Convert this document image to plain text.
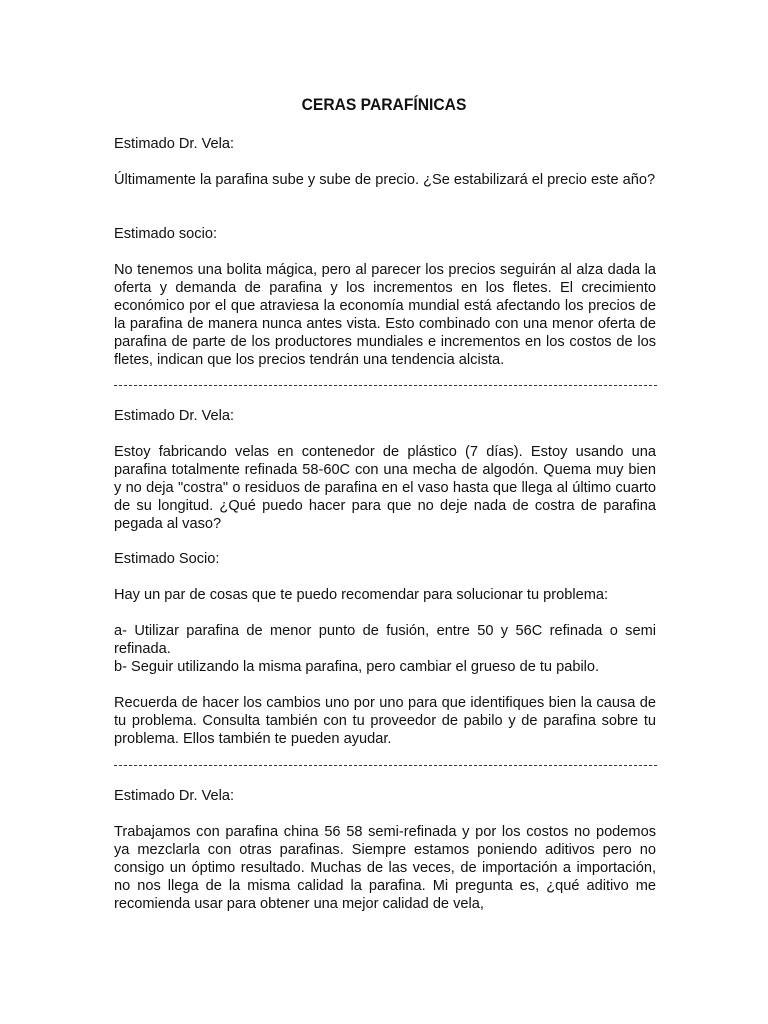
CERAS PARAFÍNICAS

Estimado Dr. Vela:

Últimamente la parafina sube y sube de precio. ¿Se estabilizará el precio este año?

Estimado socio:

No tenemos una bolita mágica, pero al parecer los precios seguirán al alza dada la oferta y demanda de parafina y los incrementos en los fletes. El crecimiento económico por el que atraviesa la economía mundial está afectando los precios de la parafina de manera nunca antes vista. Esto combinado con una menor oferta de parafina de parte de los productores mundiales e incrementos en los costos de los fletes, indican que los precios tendrán una tendencia alcista.

Estimado Dr. Vela:

Estoy fabricando velas en contenedor de plástico (7 días). Estoy usando una parafina totalmente refinada 58-60C con una mecha de algodón. Quema muy bien y no deja "costra" o residuos de parafina en el vaso hasta que llega al último cuarto de su longitud. ¿Qué puedo hacer para que no deje nada de costra de parafina pegada al vaso?

Estimado Socio:

Hay un par de cosas que te puedo recomendar para solucionar tu problema:

a- Utilizar parafina de menor punto de fusión, entre 50 y 56C refinada o semi refinada.

b- Seguir utilizando la misma parafina, pero cambiar el grueso de tu pabilo.

Recuerda de hacer los cambios uno por uno para que identifiques bien la causa de tu problema. Consulta también con tu proveedor de pabilo y de parafina sobre tu problema. Ellos también te pueden ayudar.

Estimado Dr. Vela:

Trabajamos con parafina china 56 58 semi-refinada y por los costos no podemos ya mezclarla con otras parafinas. Siempre estamos poniendo aditivos pero no consigo un óptimo resultado. Muchas de las veces, de importación a importación, no nos llega de la misma calidad la parafina. Mi pregunta es, ¿qué aditivo me recomienda usar para obtener una mejor calidad de vela,
